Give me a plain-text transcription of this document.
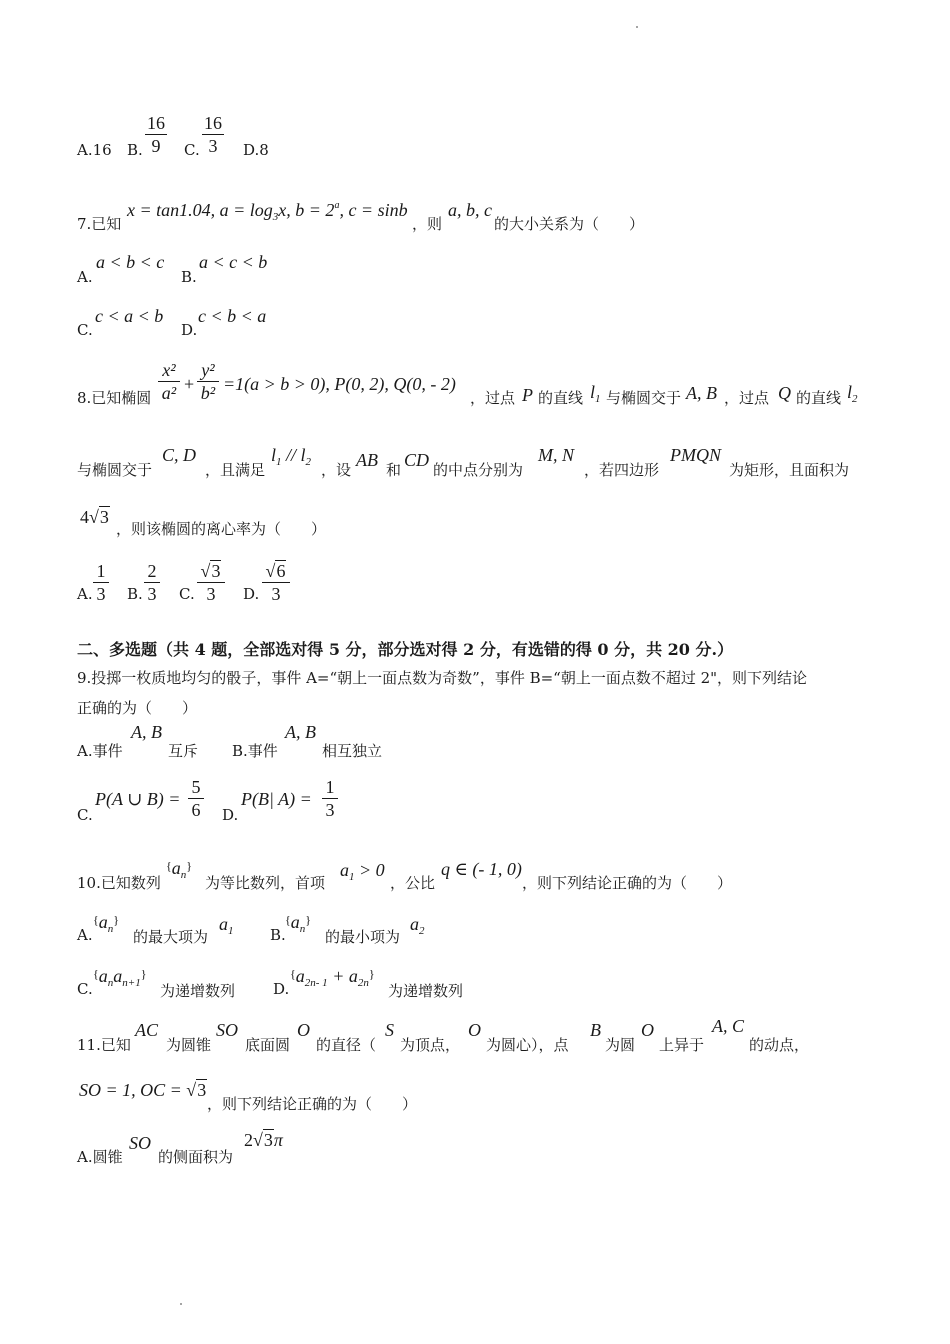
A.16 B.
16
9	C.
16
3	D.8
7.已知
x = tan1.04, $a = \log_3x$, $b = 2^a$, c = sinb
，则
a, b, c
的大小关系为（　　）
A.
a < b < c
B.
a < c < b
C.
c < a < b
D.
c < b < a
8.已知椭圆
x²
a² +
y²
b² =1(a > b > 0), P(0, 2), Q(0, - 2)
，过点 P 的直线 $l_1$ 与椭圆交于 A, B ，过点 Q 的直线 $l_2$
与椭圆交于
C, D
，且满足
$l_1 // l_2$ ，设 AB 和 CD 的中点分别为
M, N
，若四边形
PMQN
为矩形，且面积为
4√3
，则该椭圆的离心率为（　　）
A.
1
3 B.
2
3 C.
√3
3	D.
√6
3
二、多选题（共 4 题，全部选对得 5 分，部分选对得 2 分，有选错的得 0 分，共 20 分.）
9.投掷一枚质地均匀的骰子，事件 A=“朝上一面点数为奇数”，事件 B=“朝上一面点数不超过 2"，则下列结论
正确的为（　　）
A.事件
A, B
互斥 B.事件
A, B
相互独立
C.
P(A ∪ B) =
5
6 D.
P(B| A) =
1
3
10.已知数列
$^{\{}a_n^{\}}$
为等比数列，首项
$a_1 > 0$
，公比
q ∈ (- 1, 0)
，则下列结论正确的为（　　）
A.
$^{\{}a_n^{\}}$
的最大项为
$a_1$ B.
$^{\{}a_n^{\}}$
的最小项为
$a_2$
C.
$^{\{}a_na_{n+1}^{\}}$
为递增数列	D.
$^{\{}a_{2n- 1} + a_{2n}^{\}}$
为递增数列
11.已知
AC
为圆锥
SO
底面圆
O
的直径（
S
为顶点，
O
为圆心），点
B
为圆
O
上异于
A, C
的动点，
SO = 1, OC = √3
，则下列结论正确的为（　　）
A.圆锥
SO
的侧面积为
2√3π
